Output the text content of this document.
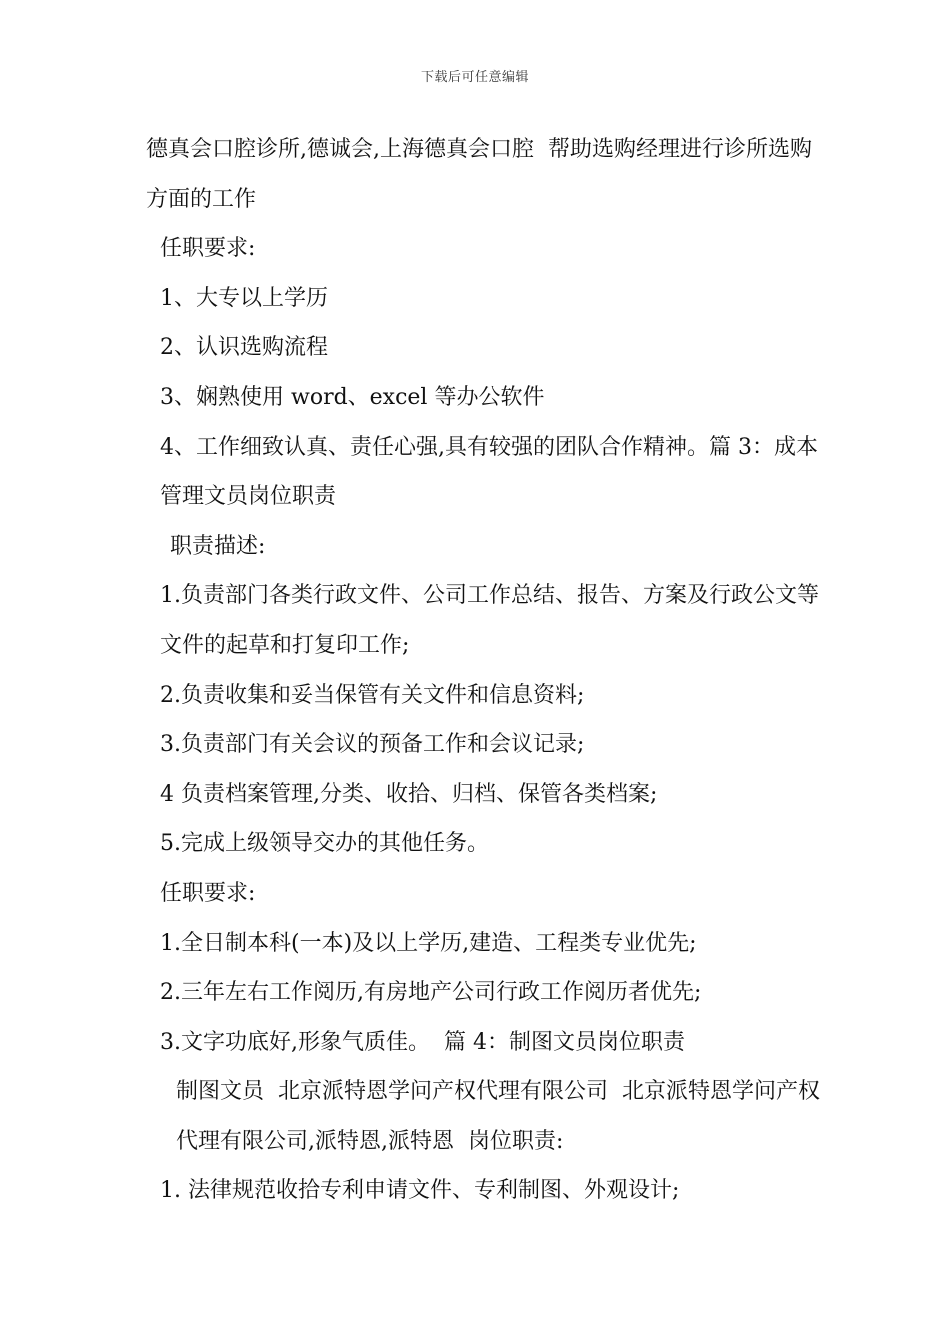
下载后可任意编辑

德真会口腔诊所,德诚会,上海德真会口腔  帮助选购经理进行诊所选购方面的工作

任职要求:

1、大专以上学历

2、认识选购流程

3、娴熟使用 word、excel 等办公软件

4、工作细致认真、责任心强,具有较强的团队合作精神。篇 3：成本管理文员岗位职责

职责描述:

1.负责部门各类行政文件、公司工作总结、报告、方案及行政公文等文件的起草和打复印工作;

2.负责收集和妥当保管有关文件和信息资料;

3.负责部门有关会议的预备工作和会议记录;

4 负责档案管理,分类、收拾、归档、保管各类档案;

5.完成上级领导交办的其他任务。

任职要求:

1.全日制本科(一本)及以上学历,建造、工程类专业优先;

2.三年左右工作阅历,有房地产公司行政工作阅历者优先;

3.文字功底好,形象气质佳。  篇 4：制图文员岗位职责

制图文员  北京派特恩学问产权代理有限公司  北京派特恩学问产权代理有限公司,派特恩,派特恩  岗位职责:

1. 法律规范收拾专利申请文件、专利制图、外观设计;
